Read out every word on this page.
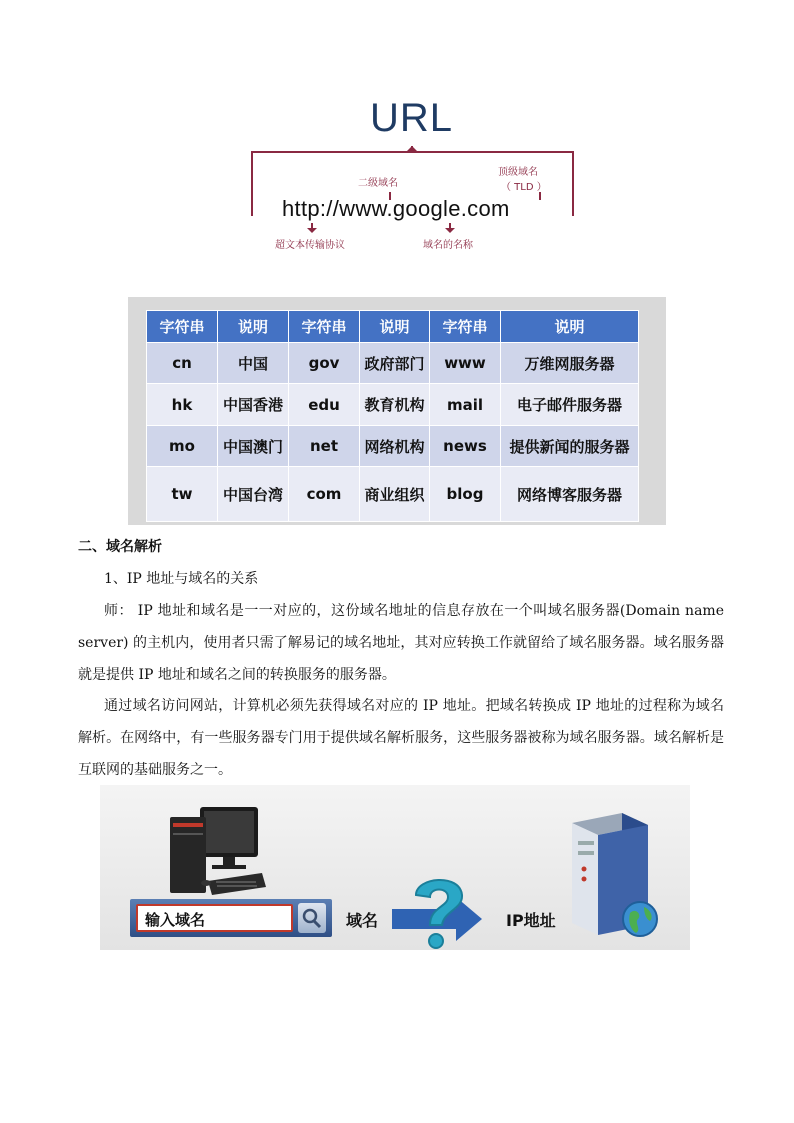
URL
http://www.google.com
二级域名
顶级域名
（ TLD ）
超文本传输协议	域名的名称
字符串	说明	字符串	说明	字符串	说明
cn	中国	gov	政府部门	www	万维网服务器
hk	中国香港	edu	教育机构	mail	电子邮件服务器
mo	中国澳门	net	网络机构	news	提供新闻的服务器
tw	中国台湾	com	商业组织	blog	网络博客服务器
二、域名解析
1、IP 地址与域名的关系
师： IP 地址和域名是一一对应的，这份域名地址的信息存放在一个叫域名服务器(Domain name server) 的主机内，使用者只需了解易记的域名地址，其对应转换工作就留给了域名服务器。域名服务器就是提供 IP 地址和域名之间的转换服务的服务器。
通过域名访问网站，计算机必须先获得域名对应的 IP 地址。把域名转换成 IP 地址的过程称为域名解析。在网络中，有一些服务器专门用于提供域名解析服务，这些服务器被称为域名服务器。域名解析是互联网的基础服务之一。
输入域名	域名	IP地址
